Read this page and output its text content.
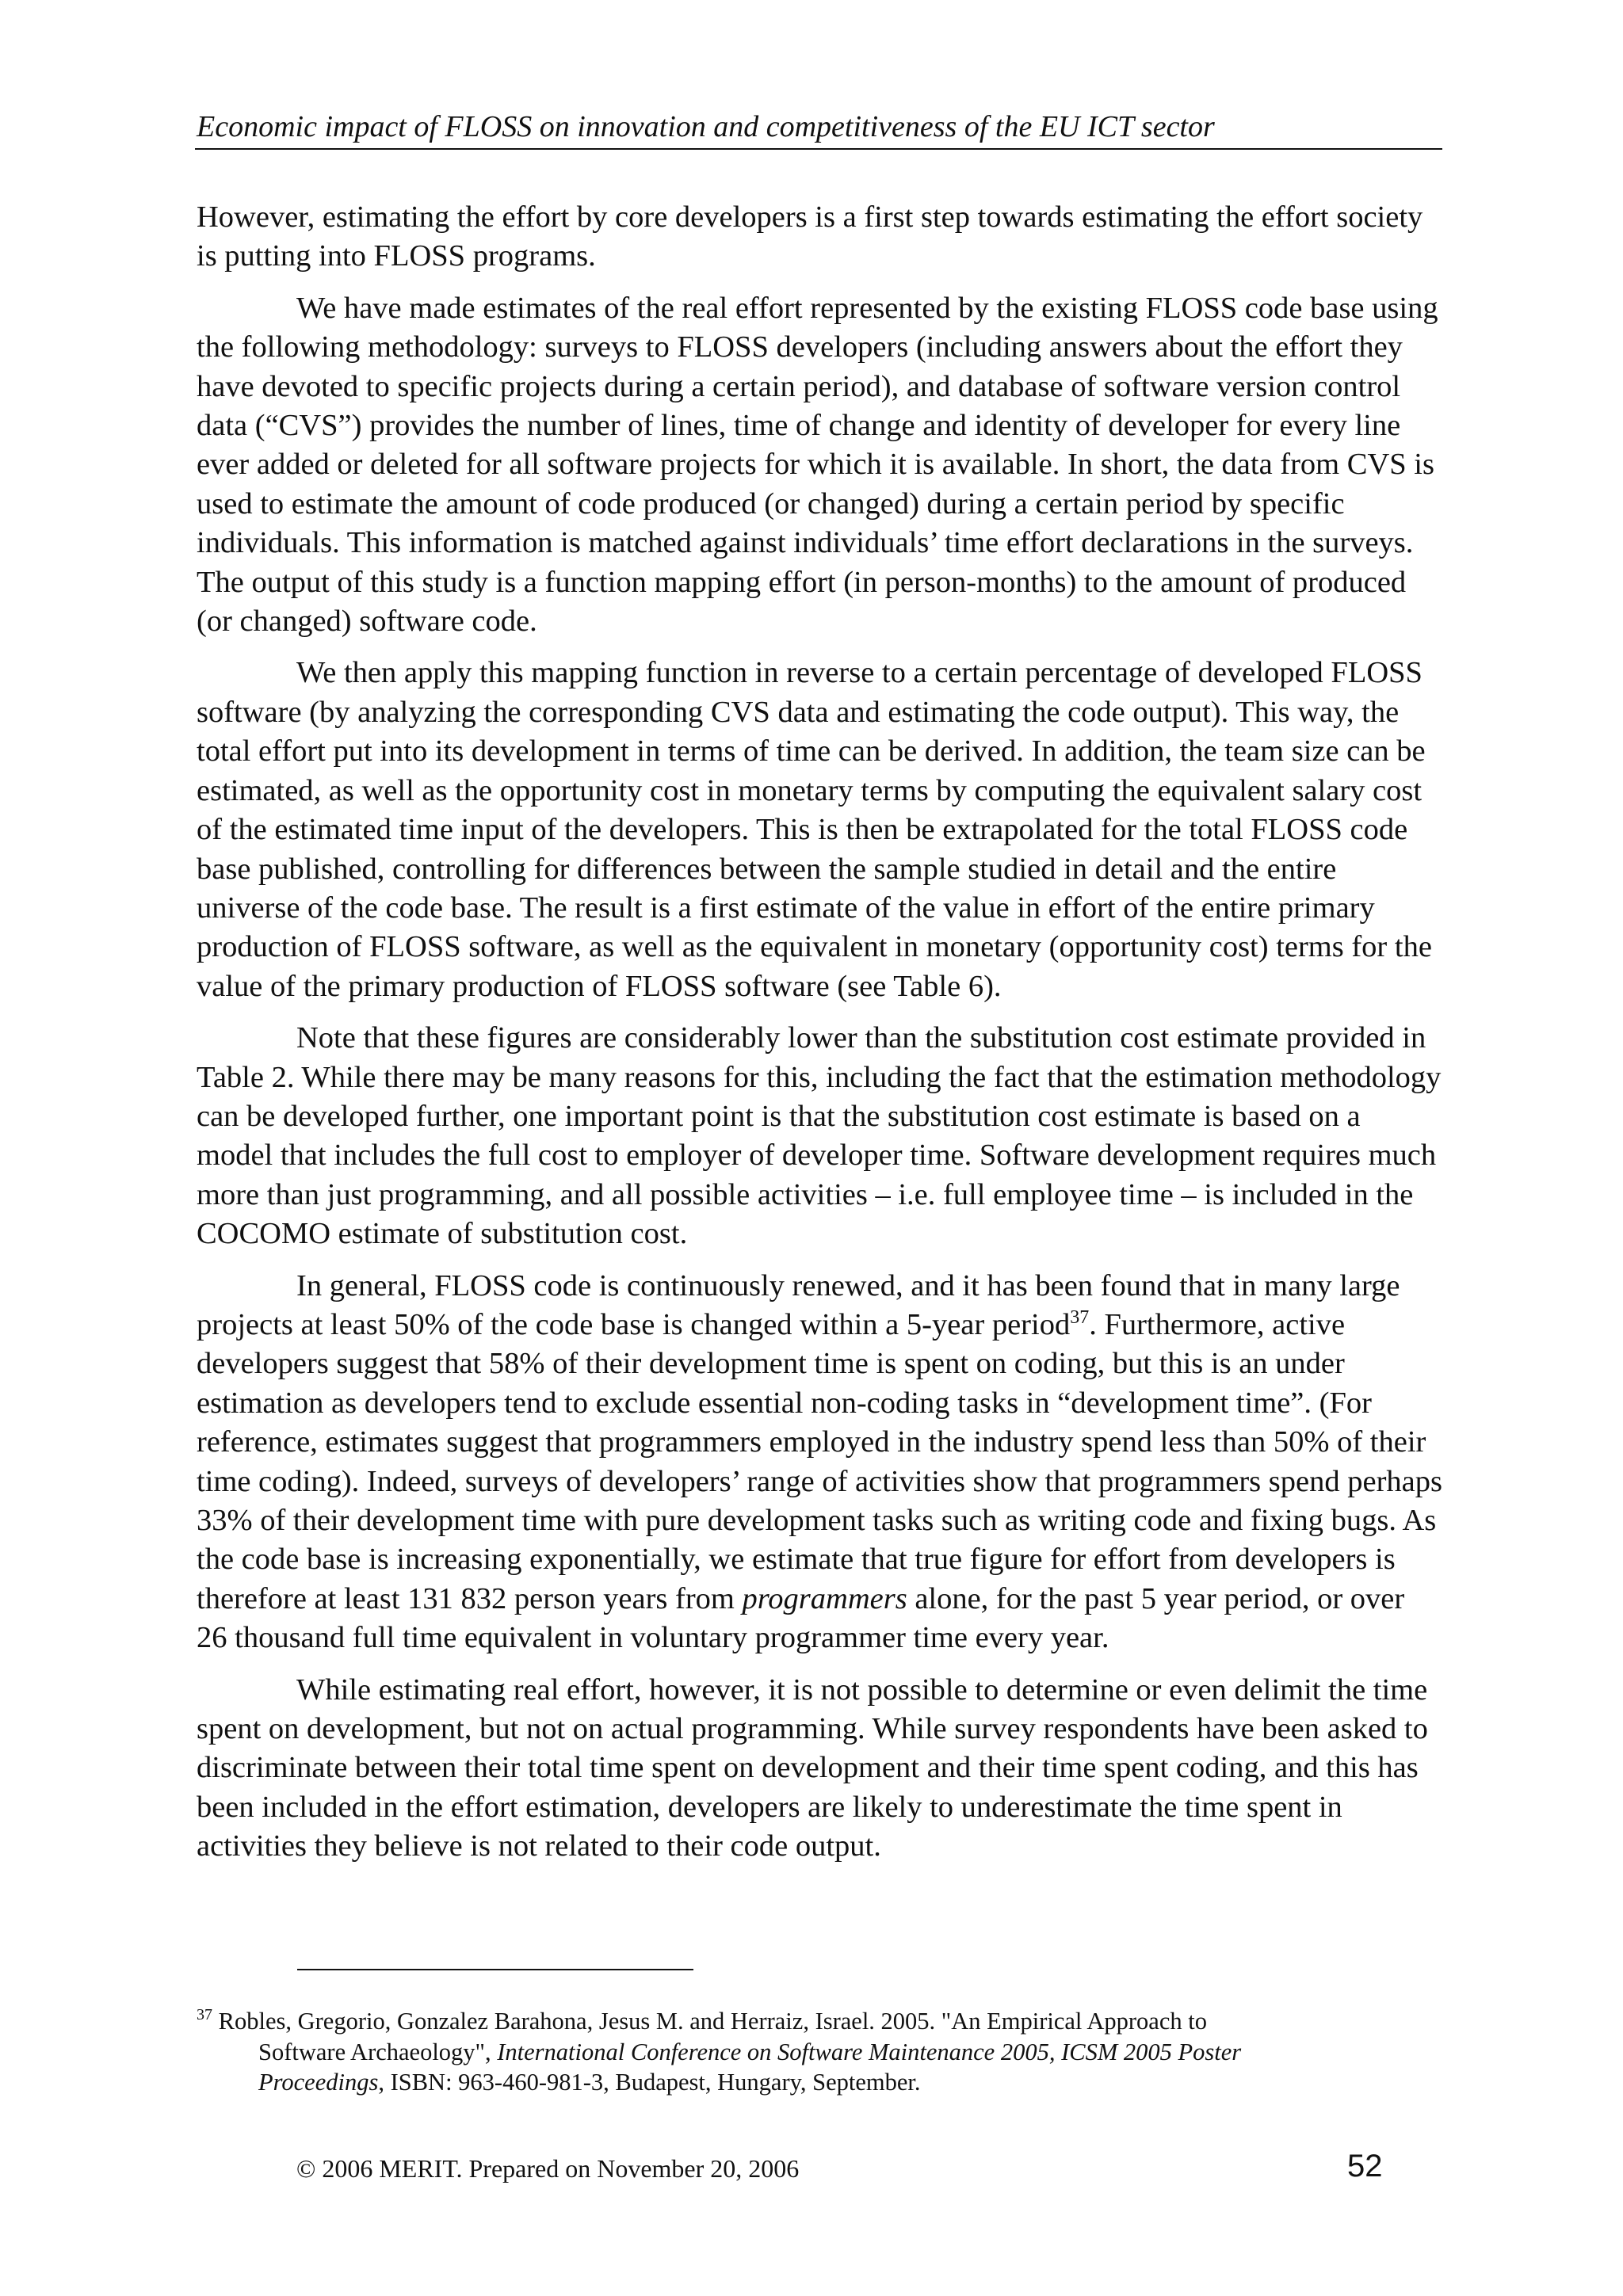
Economic impact of FLOSS on innovation and competitiveness of the EU ICT sector

However, estimating the effort by core developers is a first step towards estimating the effort society is putting into FLOSS programs.

We have made estimates of the real effort represented by the existing FLOSS code base using the following methodology: surveys to FLOSS developers (including answers about the effort they have devoted to specific projects during a certain period), and database of software version control data (“CVS”) provides the number of lines, time of change and identity of developer for every line ever added or deleted for all software projects for which it is available. In short, the data from CVS is used to estimate the amount of code produced (or changed) during a certain period by specific individuals. This information is matched against individuals’ time effort declarations in the surveys. The output of this study is a function mapping effort (in person-months) to the amount of produced (or changed) software code.

We then apply this mapping function in reverse to a certain percentage of developed FLOSS software (by analyzing the corresponding CVS data and estimating the code output). This way, the total effort put into its development in terms of time can be derived. In addition, the team size can be estimated, as well as the opportunity cost in monetary terms by computing the equivalent salary cost of the estimated time input of the developers. This is then be extrapolated for the total FLOSS code base published, controlling for differences between the sample studied in detail and the entire universe of the code base. The result is a first estimate of the value in effort of the entire primary production of FLOSS software, as well as the equivalent in monetary (opportunity cost) terms for the value of the primary production of FLOSS software (see Table 6).

Note that these figures are considerably lower than the substitution cost estimate provided in Table 2. While there may be many reasons for this, including the fact that the estimation methodology can be developed further, one important point is that the substitution cost estimate is based on a model that includes the full cost to employer of developer time. Software development requires much more than just programming, and all possible activities – i.e. full employee time – is included in the COCOMO estimate of substitution cost.

In general, FLOSS code is continuously renewed, and it has been found that in many large projects at least 50% of the code base is changed within a 5-year period$^{37}$. Furthermore, active developers suggest that 58% of their development time is spent on coding, but this is an under estimation as developers tend to exclude essential non-coding tasks in “development time”. (For reference, estimates suggest that programmers employed in the industry spend less than 50% of their time coding). Indeed, surveys of developers’ range of activities show that programmers spend perhaps 33% of their development time with pure development tasks such as writing code and fixing bugs. As the code base is increasing exponentially, we estimate that true figure for effort from developers is therefore at least 131 832 person years from programmers alone, for the past 5 year period, or over 26 thousand full time equivalent in voluntary programmer time every year.

While estimating real effort, however, it is not possible to determine or even delimit the time spent on development, but not on actual programming. While survey respondents have been asked to discriminate between their total time spent on development and their time spent coding, and this has been included in the effort estimation, developers are likely to underestimate the time spent in activities they believe is not related to their code output.

$^{37}$ Robles, Gregorio, Gonzalez Barahona, Jesus M. and Herraiz, Israel. 2005. "An Empirical Approach to
Software Archaeology", International Conference on Software Maintenance 2005, ICSM 2005 Poster
Proceedings, ISBN: 963-460-981-3, Budapest, Hungary, September.
© 2006 MERIT. Prepared on November 20, 2006	52
